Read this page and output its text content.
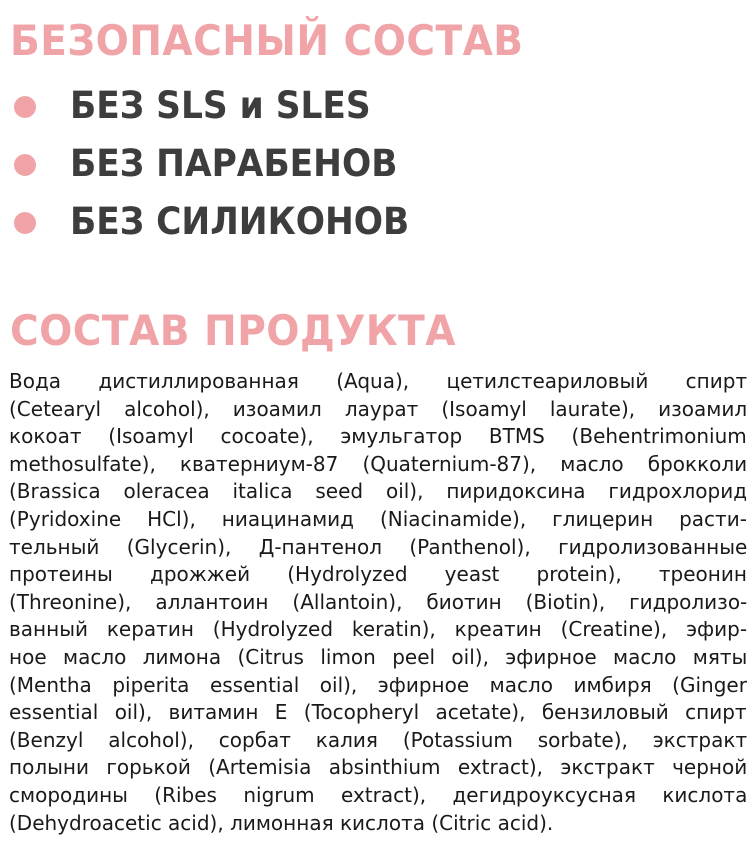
БЕЗОПАСНЫЙ СОСТАВ
БЕЗ SLS и SLES
БЕЗ ПАРАБЕНОВ
БЕЗ СИЛИКОНОВ
СОСТАВ ПРОДУКТА
Вода дистиллированная (Aqua), цетилстеариловый спирт
(Cetearyl alcohol), изоамил лаурат (Isoamyl laurate), изоамил
кокоат (Isoamyl cocoate), эмульгатор BTMS (Behentrimonium
methosulfate), кватерниум-87 (Quaternium-87), масло брокколи
(Brassica oleracea italica seed oil), пиридоксина гидрохлорид
(Pyridoxine HCl), ниацинамид (Niacinamide), глицерин расти-
тельный (Glycerin), Д-пантенол (Panthenol), гидролизованные
протеины дрожжей (Hydrolyzed yeast protein), треонин
(Threonine), аллантоин (Allantoin), биотин (Biotin), гидролизо-
ванный кератин (Hydrolyzed keratin), креатин (Creatine), эфир-
ное масло лимона (Citrus limon peel oil), эфирное масло мяты
(Mentha piperita essential oil), эфирное масло имбиря (Ginger
essential oil), витамин Е (Tocopheryl acetate), бензиловый спирт
(Benzyl alcohol), сорбат калия (Potassium sorbate), экстракт
полыни горькой (Artemisia absinthium extract), экстракт черной
смородины (Ribes nigrum extract), дегидроуксусная кислота
(Dehydroacetic acid), лимонная кислота (Citric acid).
